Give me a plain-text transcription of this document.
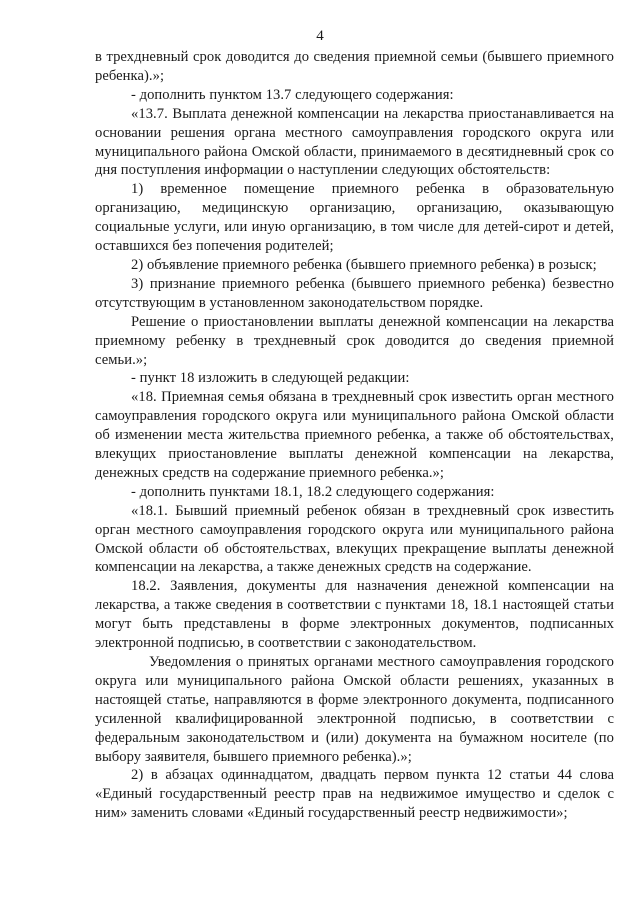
4

в трехдневный срок доводится до сведения приемной семьи (бывшего приемного ребенка).»;

- дополнить пунктом 13.7 следующего содержания:

«13.7. Выплата денежной компенсации на лекарства приостанавливается на основании решения органа местного самоуправления городского округа или муниципального района Омской области, принимаемого в десятидневный срок со дня поступления информации о наступлении следующих обстоятельств:

1) временное помещение приемного ребенка в образовательную организацию, медицинскую организацию, организацию, оказывающую социальные услуги, или иную организацию, в том числе для детей-сирот и детей, оставшихся без попечения родителей;

2) объявление приемного ребенка (бывшего приемного ребенка) в розыск;

3) признание приемного ребенка (бывшего приемного ребенка) безвестно отсутствующим в установленном законодательством порядке.

Решение о приостановлении выплаты денежной компенсации на лекарства приемному ребенку в трехдневный срок доводится до сведения приемной семьи.»;

- пункт 18 изложить в следующей редакции:

«18. Приемная семья обязана в трехдневный срок известить орган местного самоуправления городского округа или муниципального района Омской области об изменении места жительства приемного ребенка, а также об обстоятельствах, влекущих приостановление выплаты денежной компенсации на лекарства, денежных средств на содержание приемного ребенка.»;

- дополнить пунктами 18.1, 18.2 следующего содержания:

«18.1. Бывший приемный ребенок обязан в трехдневный срок известить орган местного самоуправления городского округа или муниципального района Омской области об обстоятельствах, влекущих прекращение выплаты денежной компенсации на лекарства, а также денежных средств на содержание.

18.2. Заявления, документы для назначения денежной компенсации на лекарства, а также сведения в соответствии с пунктами 18, 18.1 настоящей статьи могут быть представлены в форме электронных документов, подписанных электронной подписью, в соответствии с законодательством.

Уведомления о принятых органами местного самоуправления городского округа или муниципального района Омской области решениях, указанных в настоящей статье, направляются в форме электронного документа, подписанного усиленной квалифицированной электронной подписью, в соответствии с федеральным законодательством и (или) документа на бумажном носителе (по выбору заявителя, бывшего приемного ребенка).»;

2) в абзацах одиннадцатом, двадцать первом пункта 12 статьи 44 слова «Единый государственный реестр прав на недвижимое имущество и сделок с ним» заменить словами «Единый государственный реестр недвижимости»;
